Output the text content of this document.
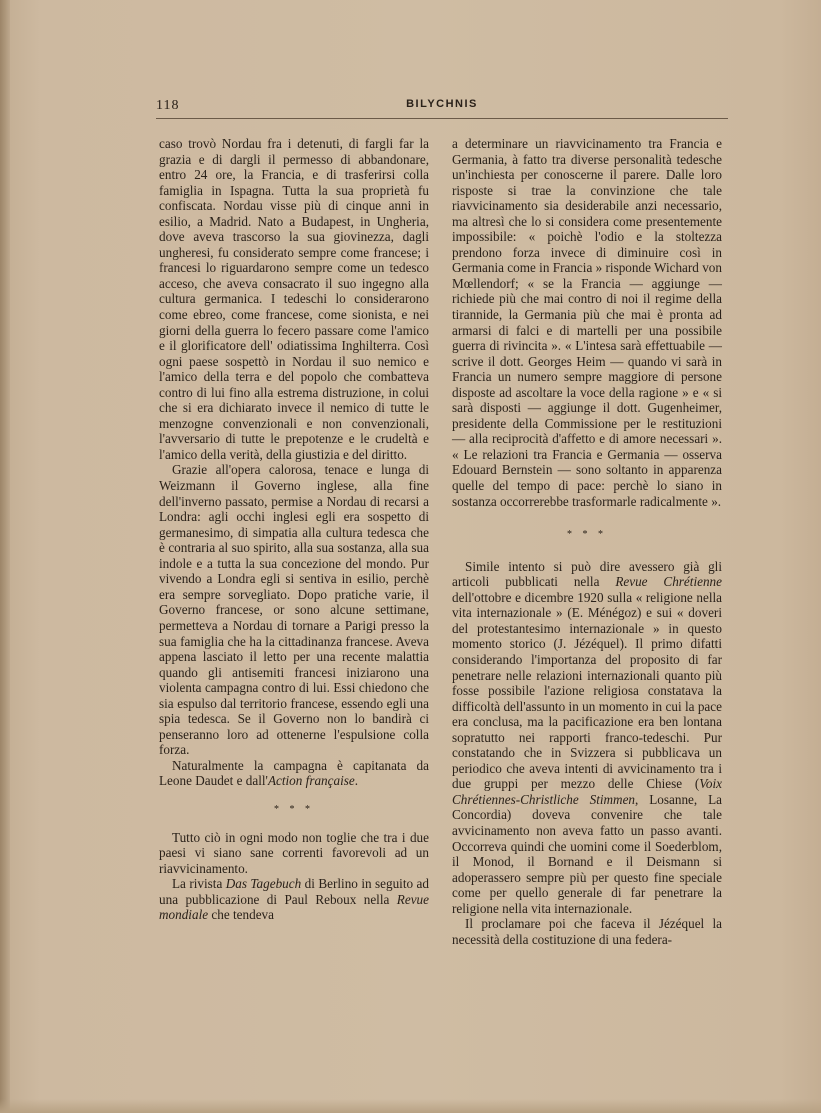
118	BILYCHNIS

caso trovò Nordau fra i detenuti, di fargli far la grazia e di dargli il permesso di abbandonare, entro 24 ore, la Francia, e di trasferirsi colla famiglia in Ispagna. Tutta la sua proprietà fu confiscata. Nordau visse più di cinque anni in esilio, a Madrid. Nato a Budapest, in Ungheria, dove aveva trascorso la sua giovinezza, dagli ungheresi, fu considerato sempre come francese; i francesi lo riguardarono sempre come un tedesco acceso, che aveva consacrato il suo ingegno alla cultura germanica. I tedeschi lo considerarono come ebreo, come francese, come sionista, e nei giorni della guerra lo fecero passare come l'amico e il glorificatore dell' odiatissima Inghilterra. Così ogni paese sospettò in Nordau il suo nemico e l'amico della terra e del popolo che combatteva contro di lui fino alla estrema distruzione, in colui che si era dichiarato invece il nemico di tutte le menzogne convenzionali e non convenzionali, l'avversario di tutte le prepotenze e le crudeltà e l'amico della verità, della giustizia e del diritto.

Grazie all'opera calorosa, tenace e lunga di Weizmann il Governo inglese, alla fine dell'inverno passato, permise a Nordau di recarsi a Londra: agli occhi inglesi egli era sospetto di germanesimo, di simpatia alla cultura tedesca che è contraria al suo spirito, alla sua sostanza, alla sua indole e a tutta la sua concezione del mondo. Pur vivendo a Londra egli si sentiva in esilio, perchè era sempre sorvegliato. Dopo pratiche varie, il Governo francese, or sono alcune settimane, permetteva a Nordau di tornare a Parigi presso la sua famiglia che ha la cittadinanza francese. Aveva appena lasciato il letto per una recente malattia quando gli antisemiti francesi iniziarono una violenta campagna contro di lui. Essi chiedono che sia espulso dal territorio francese, essendo egli una spia tedesca. Se il Governo non lo bandirà ci penseranno loro ad ottenerne l'espulsione colla forza.

Naturalmente la campagna è capitanata da Leone Daudet e dall'Action française.

* * *

Tutto ciò in ogni modo non toglie che tra i due paesi vi siano sane correnti favorevoli ad un riavvicinamento.

La rivista Das Tagebuch di Berlino in seguito ad una pubblicazione di Paul Reboux nella Revue mondiale che tendeva

a determinare un riavvicinamento tra Francia e Germania, à fatto tra diverse personalità tedesche un'inchiesta per conoscerne il parere. Dalle loro risposte si trae la convinzione che tale riavvicinamento sia desiderabile anzi necessario, ma altresì che lo si considera come presentemente impossibile: « poichè l'odio e la stoltezza prendono forza invece di diminuire così in Germania come in Francia » risponde Wichard von Mœllendorf; « se la Francia — aggiunge — richiede più che mai contro di noi il regime della tirannide, la Germania più che mai è pronta ad armarsi di falci e di martelli per una possibile guerra di rivincita ». « L'intesa sarà effettuabile — scrive il dott. Georges Heim — quando vi sarà in Francia un numero sempre maggiore di persone disposte ad ascoltare la voce della ragione » e « si sarà disposti — aggiunge il dott. Gugenheimer, presidente della Commissione per le restituzioni — alla reciprocità d'affetto e di amore necessari ». « Le relazioni tra Francia e Germania — osserva Edouard Bernstein — sono soltanto in apparenza quelle del tempo di pace: perchè lo siano in sostanza occorrerebbe trasformarle radicalmente ».

* * *

Simile intento si può dire avessero già gli articoli pubblicati nella Revue Chrétienne dell'ottobre e dicembre 1920 sulla « religione nella vita internazionale » (E. Ménégoz) e sui « doveri del protestantesimo internazionale » in questo momento storico (J. Jézéquel). Il primo difatti considerando l'importanza del proposito di far penetrare nelle relazioni internazionali quanto più fosse possibile l'azione religiosa constatava la difficoltà dell'assunto in un momento in cui la pace era conclusa, ma la pacificazione era ben lontana sopratutto nei rapporti franco-tedeschi. Pur constatando che in Svizzera si pubblicava un periodico che aveva intenti di avvicinamento tra i due gruppi per mezzo delle Chiese (Voix Chrétiennes-Christliche Stimmen, Losanne, La Concordia) doveva convenire che tale avvicinamento non aveva fatto un passo avanti. Occorreva quindi che uomini come il Soederblom, il Monod, il Bornand e il Deismann si adoperassero sempre più per questo fine speciale come per quello generale di far penetrare la religione nella vita internazionale.

Il proclamare poi che faceva il Jézéquel la necessità della costituzione di una federa-
